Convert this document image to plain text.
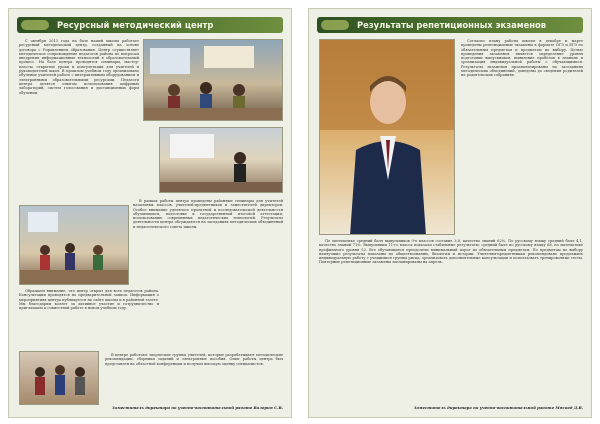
Ресурсный методический центр

С октября 2013 года на базе нашей школы работает ресурсный методический центр, созданный на основе договора с Управлением образования. Центр осуществляет методическое сопровождение педагогов района по вопросам внедрения информационных технологий в образовательный процесс. На базе центра проводятся семинары, мастер-классы, открытые уроки и консультации для учителей и руководителей школ. В прошлом учебном году организовано обучение учителей работе с интерактивным оборудованием и электронными образовательными ресурсами. Педагоги центра делятся опытом использования цифровых лабораторий, систем голосования и дистанционных форм обучения.

В рамках работы центра проведены районные семинары для учителей начальных классов, учителей-предметников и заместителей директоров. Особое внимание уделялось проектной и исследовательской деятельности обучающихся, подготовке к государственной итоговой аттестации, использованию современных педагогических технологий. Результаты деятельности центра обсуждаются на заседаниях методических объединений и педагогического совета школы.

Обращаем внимание, что центр открыт для всех педагогов района. Консультации проводятся по предварительной записи. Информация о мероприятиях центра публикуется на сайте школы и в районной газете. Мы благодарим коллег за активное участие и сотрудничество и приглашаем к совместной работе в новом учебном году.

В центре работают творческие группы учителей, которые разрабатывают методические рекомендации, сборники заданий и электронные пособия. Опыт работы центра был представлен на областной конференции и получил высокую оценку специалистов.

Заместитель директора по учебно-воспитательной работе Валерия С.В.
Результаты репетиционных экзаменов

Согласно плану работы школы в декабре и марте проведены репетиционные экзамены в формате ОГЭ и ЕГЭ по обязательным предметам и предметам по выбору. Целью проведения экзаменов является определение уровня подготовки выпускников, выявление пробелов в знаниях и организация индивидуальной работы с обучающимися. Результаты экзаменов проанализированы на заседаниях методических объединений, доведены до сведения родителей на родительских собраниях.

По математике средний балл выпускников 9-х классов составил 3,8, качество знаний 62%. По русскому языку средний балл 4,1, качество знаний 71%. Выпускники 11-го класса показали стабильные результаты: средний балл по русскому языку 68, по математике профильного уровня 52. Все обучающиеся преодолели минимальный порог по обязательным предметам. По предметам по выбору наилучшие результаты показаны по обществознанию, биологии и истории. Учителям-предметникам рекомендовано продолжить индивидуальную работу с учащимися группы риска, организовать дополнительные консультации и использовать тренировочные тесты. Повторные репетиционные экзамены запланированы на апрель.

Заместитель директора по учебно-воспитательной работе Мясоед Д.В.
